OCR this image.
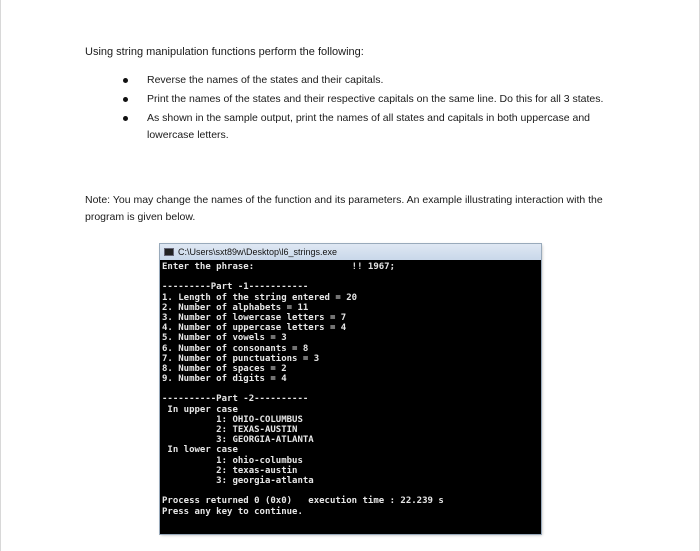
Using string manipulation functions perform the following:
Reverse the names of the states and their capitals.
Print the names of the states and their respective capitals on the same line. Do this for all 3 states.
As shown in the sample output, print the names of all states and capitals in both uppercase and lowercase letters.
Note: You may change the names of the function and its parameters. An example illustrating interaction with the program is given below.
C:\Users\sxt89w\Desktop\l6_strings.exe
Enter the phrase:                  !! 1967;
---------Part -1-----------
1. Length of the string entered = 20
2. Number of alphabets = 11
3. Number of lowercase letters = 7
4. Number of uppercase letters = 4
5. Number of vowels = 3
6. Number of consonants = 8
7. Number of punctuations = 3
8. Number of spaces = 2
9. Number of digits = 4
----------Part -2----------
In upper case
1: OHIO-COLUMBUS
2: TEXAS-AUSTIN
3: GEORGIA-ATLANTA
In lower case
1: ohio-columbus
2: texas-austin
3: georgia-atlanta
Process returned 0 (0x0)   execution time : 22.239 s
Press any key to continue.
